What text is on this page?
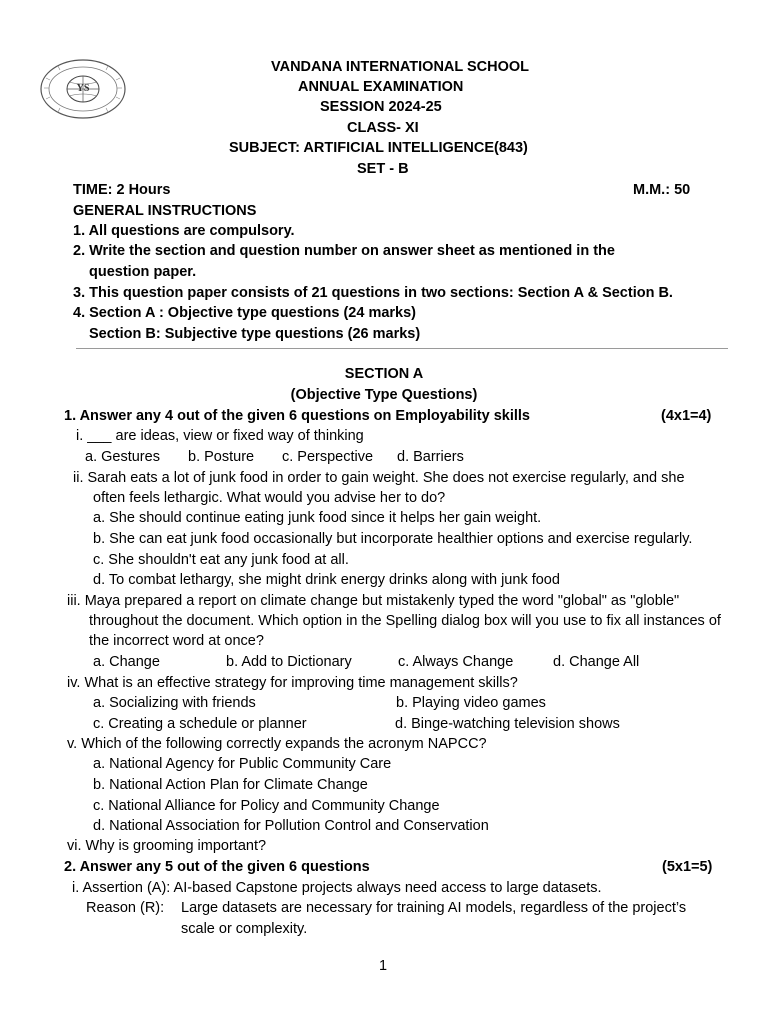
YS
VANDANA INTERNATIONAL SCHOOL
ANNUAL EXAMINATION
SESSION 2024-25
CLASS- XI
SUBJECT: ARTIFICIAL INTELLIGENCE(843)
SET - B
TIME: 2 Hours	M.M.: 50
GENERAL INSTRUCTIONS
1. All questions are compulsory.
2. Write the section and question number on answer sheet as mentioned in the
question paper.
3. This question paper consists of 21 questions in two sections: Section A & Section B.
4. Section A : Objective type questions (24 marks)
Section B: Subjective type questions (26 marks)
SECTION A
(Objective Type Questions)
1. Answer any 4 out of the given 6 questions on Employability skills	(4x1=4)
i. ___ are ideas, view or fixed way of thinking
a. Gestures b. Posture c. Perspective d. Barriers
ii. Sarah eats a lot of junk food in order to gain weight. She does not exercise regularly, and she
often feels lethargic. What would you advise her to do?
a. She should continue eating junk food since it helps her gain weight.
b. She can eat junk food occasionally but incorporate healthier options and exercise regularly.
c. She shouldn't eat any junk food at all.
d. To combat lethargy, she might drink energy drinks along with junk food
iii. Maya prepared a report on climate change but mistakenly typed the word "global" as "globle"
throughout the document. Which option in the Spelling dialog box will you use to fix all instances of
the incorrect word at once?
a. Change	b. Add to Dictionary	c. Always Change	d. Change All
iv. What is an effective strategy for improving time management skills?
a. Socializing with friends	b. Playing video games
c. Creating a schedule or planner	d. Binge-watching television shows
v. Which of the following correctly expands the acronym NAPCC?
a. National Agency for Public Community Care
b. National Action Plan for Climate Change
c. National Alliance for Policy and Community Change
d. National Association for Pollution Control and Conservation
vi. Why is grooming important?
2. Answer any 5 out of the given 6 questions	(5x1=5)
i. Assertion (A): AI-based Capstone projects always need access to large datasets.
Reason (R): Large datasets are necessary for training AI models, regardless of the project’s
scale or complexity.
1
